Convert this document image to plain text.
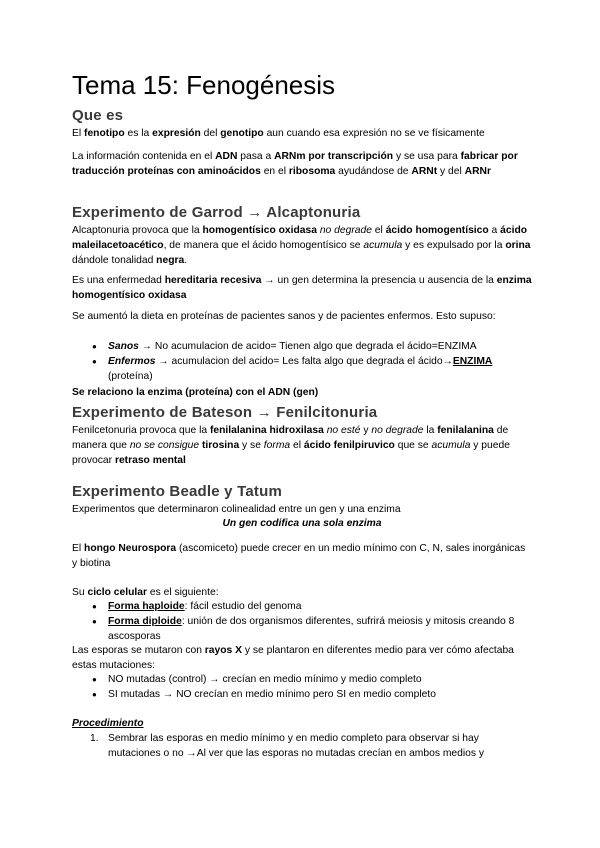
Tema 15: Fenogénesis
Que es

El fenotipo es la expresión del genotipo aun cuando esa expresión no se ve físicamente

La información contenida en el ADN pasa a ARNm por transcripción y se usa para fabricar por traducción proteínas con aminoácidos en el ribosoma ayudándose de ARNt y del ARNr

Experimento de Garrod → Alcaptonuria

Alcaptonuria provoca que la homogentísico oxidasa no degrade el ácido homogentísico a ácido maleilacetoacético, de manera que el ácido homogentísico se acumula y es expulsado por la orina dándole tonalidad negra.

Es una enfermedad hereditaria recesiva → un gen determina la presencia u ausencia de la enzima homogentísico oxidasa

Se aumentó la dieta en proteínas de pacientes sanos y de pacientes enfermos. Esto supuso:

● Sanos → No acumulacion de acido= Tienen algo que degrada el ácido=ENZIMA
● Enfermos → acumulacion del acido= Les falta algo que degrada el ácido→ENZIMA (proteína)

Se relaciono la enzima (proteína) con el ADN (gen)

Experimento de Bateson → Fenilcitonuria

Fenilcetonuria provoca que la fenilalanina hidroxilasa no esté y no degrade la fenilalanina de manera que no se consigue tirosina y se forma el ácido fenilpiruvico que se acumula y puede provocar retraso mental

Experimento Beadle y Tatum

Experimentos que determinaron colinealidad entre un gen y una enzima

Un gen codifica una sola enzima

El hongo Neurospora (ascomiceto) puede crecer en un medio mínimo con C, N, sales inorgánicas y biotina

Su ciclo celular es el siguiente:

● Forma haploide: fácil estudio del genoma
● Forma diploide: unión de dos organismos diferentes, sufrirá meiosis y mitosis creando 8 ascosporas

Las esporas se mutaron con rayos X y se plantaron en diferentes medio para ver cómo afectaba estas mutaciones:

● NO mutadas (control) → crecían en medio mínimo y medio completo
● SI mutadas → NO crecían en medio mínimo pero SI en medio completo

Procedimiento

1. Sembrar las esporas en medio mínimo y en medio completo para observar si hay mutaciones o no →Al ver que las esporas no mutadas crecían en ambos medios y
